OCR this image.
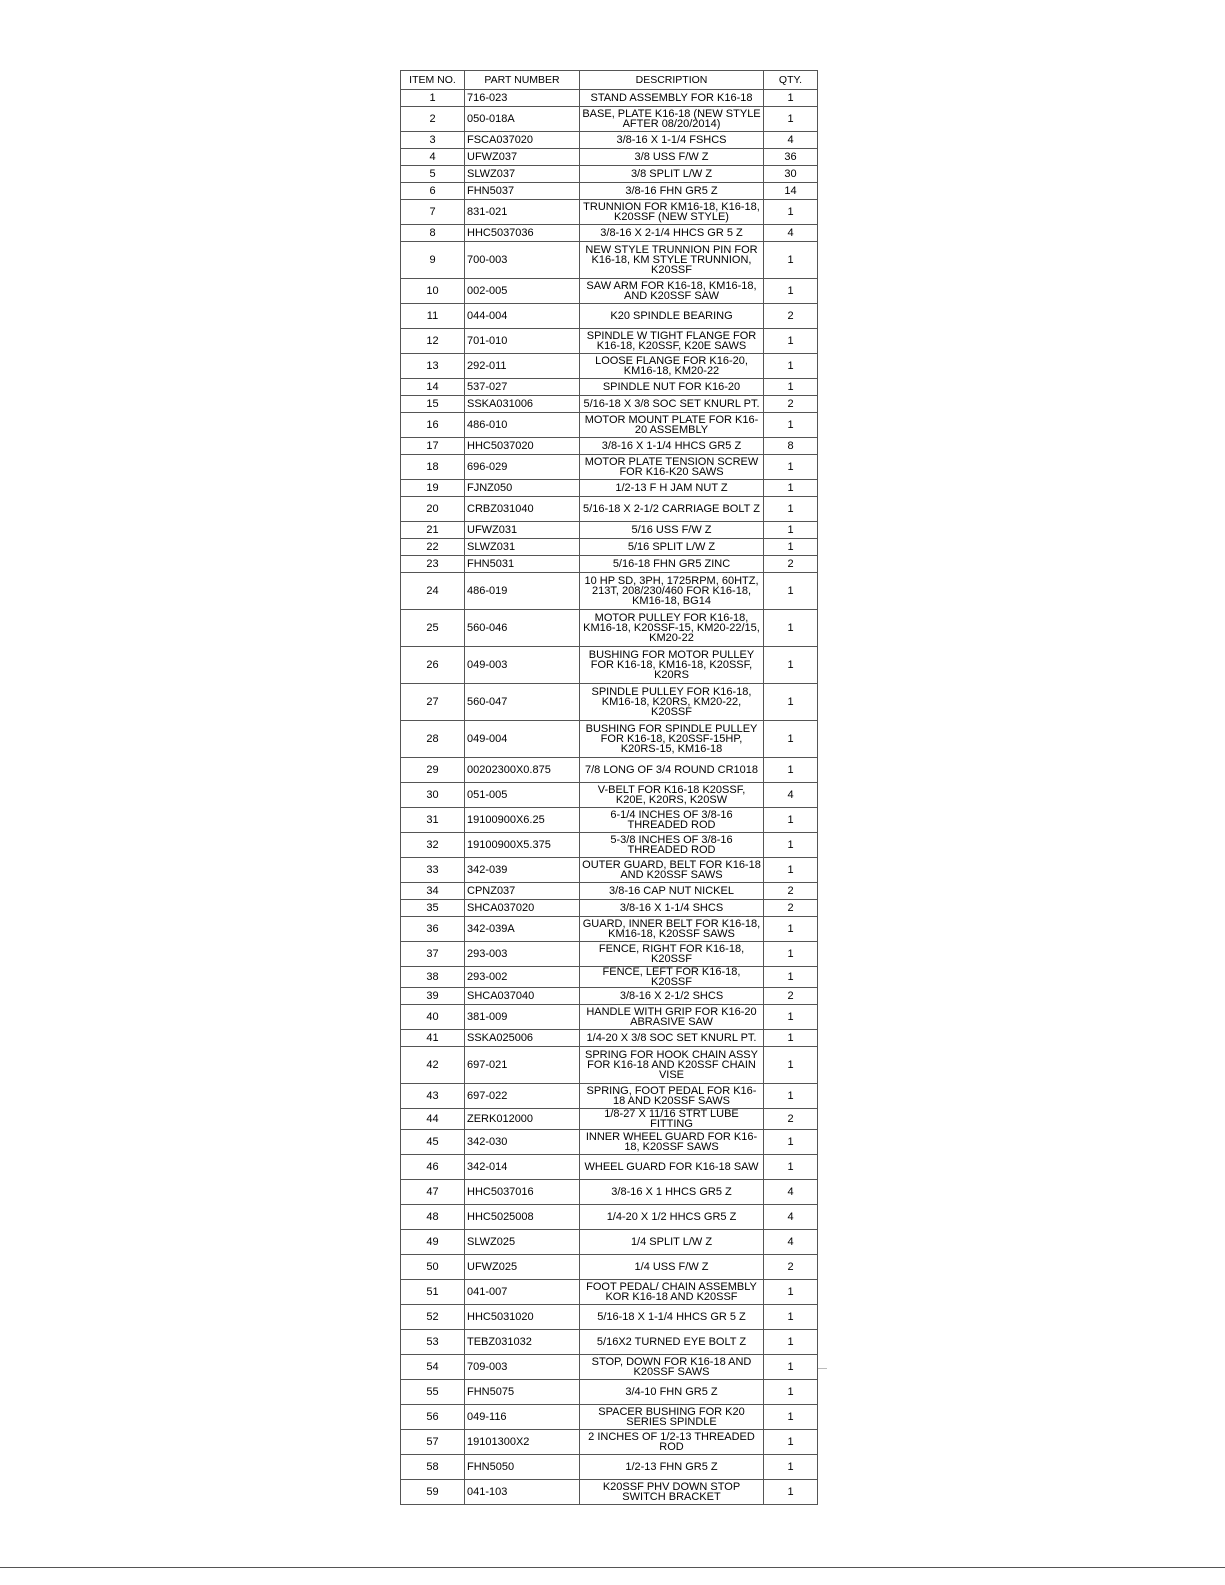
ITEM NO.	PART NUMBER	DESCRIPTION	QTY.
1	716-023	STAND ASSEMBLY FOR K16-18	1
2	050-018A	BASE, PLATE K16-18 (NEW STYLE AFTER 08/20/2014)	1
3	FSCA037020	3/8-16 X 1-1/4 FSHCS	4
4	UFWZ037	3/8 USS F/W Z	36
5	SLWZ037	3/8 SPLIT L/W Z	30
6	FHN5037	3/8-16 FHN GR5 Z	14
7	831-021	TRUNNION FOR KM16-18, K16-18, K20SSF (NEW STYLE)	1
8	HHC5037036	3/8-16 X 2-1/4 HHCS GR 5 Z	4
9	700-003	NEW STYLE TRUNNION PIN FOR K16-18, KM STYLE TRUNNION, K20SSF	1
10	002-005	SAW ARM FOR K16-18, KM16-18, AND K20SSF SAW	1
11	044-004	K20 SPINDLE BEARING	2
12	701-010	SPINDLE W TIGHT FLANGE FOR K16-18, K20SSF, K20E SAWS	1
13	292-011	LOOSE FLANGE FOR K16-20, KM16-18, KM20-22	1
14	537-027	SPINDLE NUT FOR K16-20	1
15	SSKA031006	5/16-18 X 3/8 SOC SET KNURL PT.	2
16	486-010	MOTOR MOUNT PLATE FOR K16-20 ASSEMBLY	1
17	HHC5037020	3/8-16 X 1-1/4 HHCS GR5 Z	8
18	696-029	MOTOR PLATE TENSION SCREW FOR K16-K20 SAWS	1
19	FJNZ050	1/2-13 F H JAM NUT Z	1
20	CRBZ031040	5/16-18 X 2-1/2 CARRIAGE BOLT Z	1
21	UFWZ031	5/16 USS F/W Z	1
22	SLWZ031	5/16 SPLIT L/W Z	1
23	FHN5031	5/16-18 FHN GR5 ZINC	2
24	486-019	10 HP SD, 3PH, 1725RPM, 60HTZ, 213T, 208/230/460 FOR K16-18, KM16-18, BG14	1
25	560-046	MOTOR PULLEY FOR K16-18, KM16-18, K20SSF-15, KM20-22/15, KM20-22	1
26	049-003	BUSHING FOR MOTOR PULLEY FOR K16-18, KM16-18, K20SSF, K20RS	1
27	560-047	SPINDLE PULLEY FOR K16-18, KM16-18, K20RS, KM20-22, K20SSF	1
28	049-004	BUSHING FOR SPINDLE PULLEY FOR K16-18, K20SSF-15HP, K20RS-15, KM16-18	1
29	00202300X0.875	7/8 LONG OF 3/4 ROUND CR1018	1
30	051-005	V-BELT FOR K16-18 K20SSF, K20E, K20RS, K20SW	4
31	19100900X6.25	6-1/4 INCHES OF 3/8-16 THREADED ROD	1
32	19100900X5.375	5-3/8 INCHES OF 3/8-16 THREADED ROD	1
33	342-039	OUTER GUARD, BELT FOR K16-18 AND K20SSF SAWS	1
34	CPNZ037	3/8-16 CAP NUT NICKEL	2
35	SHCA037020	3/8-16 X 1-1/4 SHCS	2
36	342-039A	GUARD, INNER BELT FOR K16-18, KM16-18, K20SSF SAWS	1
37	293-003	FENCE, RIGHT FOR K16-18, K20SSF	1
38	293-002	FENCE, LEFT FOR K16-18, K20SSF	1
39	SHCA037040	3/8-16 X 2-1/2 SHCS	2
40	381-009	HANDLE WITH GRIP FOR K16-20 ABRASIVE SAW	1
41	SSKA025006	1/4-20 X 3/8 SOC SET KNURL PT.	1
42	697-021	SPRING FOR HOOK CHAIN ASSY FOR K16-18 AND K20SSF CHAIN VISE	1
43	697-022	SPRING, FOOT PEDAL FOR K16-18 AND K20SSF SAWS	1
44	ZERK012000	1/8-27 X 11/16 STRT LUBE FITTING	2
45	342-030	INNER WHEEL GUARD FOR K16-18, K20SSF SAWS	1
46	342-014	WHEEL GUARD FOR K16-18 SAW	1
47	HHC5037016	3/8-16 X 1 HHCS GR5 Z	4
48	HHC5025008	1/4-20 X 1/2 HHCS GR5 Z	4
49	SLWZ025	1/4 SPLIT L/W Z	4
50	UFWZ025	1/4 USS F/W Z	2
51	041-007	FOOT PEDAL/ CHAIN ASSEMBLY KOR K16-18 AND K20SSF	1
52	HHC5031020	5/16-18 X 1-1/4 HHCS GR 5 Z	1
53	TEBZ031032	5/16X2 TURNED EYE BOLT Z	1
54	709-003	STOP, DOWN FOR K16-18 AND K20SSF SAWS	1
55	FHN5075	3/4-10 FHN GR5 Z	1
56	049-116	SPACER BUSHING FOR K20 SERIES SPINDLE	1
57	19101300X2	2 INCHES OF 1/2-13 THREADED ROD	1
58	FHN5050	1/2-13 FHN GR5 Z	1
59	041-103	K20SSF PHV DOWN STOP SWITCH BRACKET	1
